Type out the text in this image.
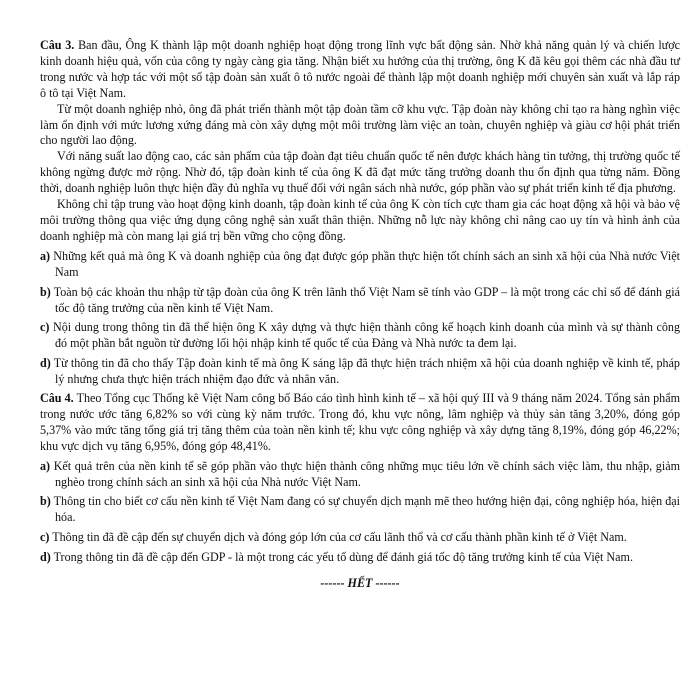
Câu 3. Ban đầu, Ông K thành lập một doanh nghiệp hoạt động trong lĩnh vực bất động sản. Nhờ khả năng quản lý và chiến lược kinh doanh hiệu quả, vốn của công ty ngày càng gia tăng. Nhận biết xu hướng của thị trường, ông K đã kêu gọi thêm các nhà đầu tư trong nước và hợp tác với một số tập đoàn sản xuất ô tô nước ngoài để thành lập một doanh nghiệp mới chuyên sản xuất và lắp ráp ô tô tại Việt Nam.

Từ một doanh nghiệp nhỏ, ông đã phát triển thành một tập đoàn tầm cỡ khu vực. Tập đoàn này không chỉ tạo ra hàng nghìn việc làm ổn định với mức lương xứng đáng mà còn xây dựng một môi trường làm việc an toàn, chuyên nghiệp và giàu cơ hội phát triển cho người lao động.

Với năng suất lao động cao, các sản phẩm của tập đoàn đạt tiêu chuẩn quốc tế nên được khách hàng tin tưởng, thị trường quốc tế không ngừng được mở rộng. Nhờ đó, tập đoàn kinh tế của ông K đã đạt mức tăng trưởng doanh thu ổn định qua từng năm. Đồng thời, doanh nghiệp luôn thực hiện đầy đủ nghĩa vụ thuế đối với ngân sách nhà nước, góp phần vào sự phát triển kinh tế địa phương.

Không chỉ tập trung vào hoạt động kinh doanh, tập đoàn kinh tế của ông K còn tích cực tham gia các hoạt động xã hội và bảo vệ môi trường thông qua việc ứng dụng công nghệ sản xuất thân thiện. Những nỗ lực này không chỉ nâng cao uy tín và hình ảnh của doanh nghiệp mà còn mang lại giá trị bền vững cho cộng đồng.

a) Những kết quả mà ông K và doanh nghiệp của ông đạt được góp phần thực hiện tốt chính sách an sinh xã hội của Nhà nước Việt Nam
b) Toàn bộ các khoản thu nhập từ tập đoàn của ông K trên lãnh thổ Việt Nam sẽ tính vào GDP – là một trong các chỉ số để đánh giá tốc độ tăng trưởng của nền kinh tế Việt Nam.
c) Nội dung trong thông tin đã thể hiện ông K xây dựng và thực hiện thành công kế hoạch kinh doanh của mình và sự thành công đó một phần bắt nguồn từ đường lối hội nhập kinh tế quốc tế của Đảng và Nhà nước ta đem lại.
d) Từ thông tin đã cho thấy Tập đoàn kinh tế mà ông K sáng lập đã thực hiện trách nhiệm xã hội của doanh nghiệp về kinh tế, pháp lý nhưng chưa thực hiện trách nhiệm đạo đức và nhân văn.

Câu 4. Theo Tổng cục Thống kê Việt Nam công bố Báo cáo tình hình kinh tế – xã hội quý III và 9 tháng năm 2024. Tổng sản phẩm trong nước ước tăng 6,82% so với cùng kỳ năm trước. Trong đó, khu vực nông, lâm nghiệp và thủy sản tăng 3,20%, đóng góp 5,37% vào mức tăng tổng giá trị tăng thêm của toàn nền kinh tế; khu vực công nghiệp và xây dựng tăng 8,19%, đóng góp 46,22%; khu vực dịch vụ tăng 6,95%, đóng góp 48,41%.

a) Kết quả trên của nền kinh tế sẽ góp phần vào thực hiện thành công những mục tiêu lớn về chính sách việc làm, thu nhập, giảm nghèo trong chính sách an sinh xã hội của Nhà nước Việt Nam.
b) Thông tin cho biết cơ cấu nền kinh tế Việt Nam đang có sự chuyển dịch mạnh mẽ theo hướng hiện đại, công nghiệp hóa, hiện đại hóa.
c) Thông tin đã đề cập đến sự chuyển dịch và đóng góp lớn của cơ cấu lãnh thổ và cơ cấu thành phần kinh tế ở Việt Nam.
d) Trong thông tin đã đề cập đến GDP - là một trong các yếu tố dùng để đánh giá tốc độ tăng trưởng kinh tế của Việt Nam.
------ HẾT ------
